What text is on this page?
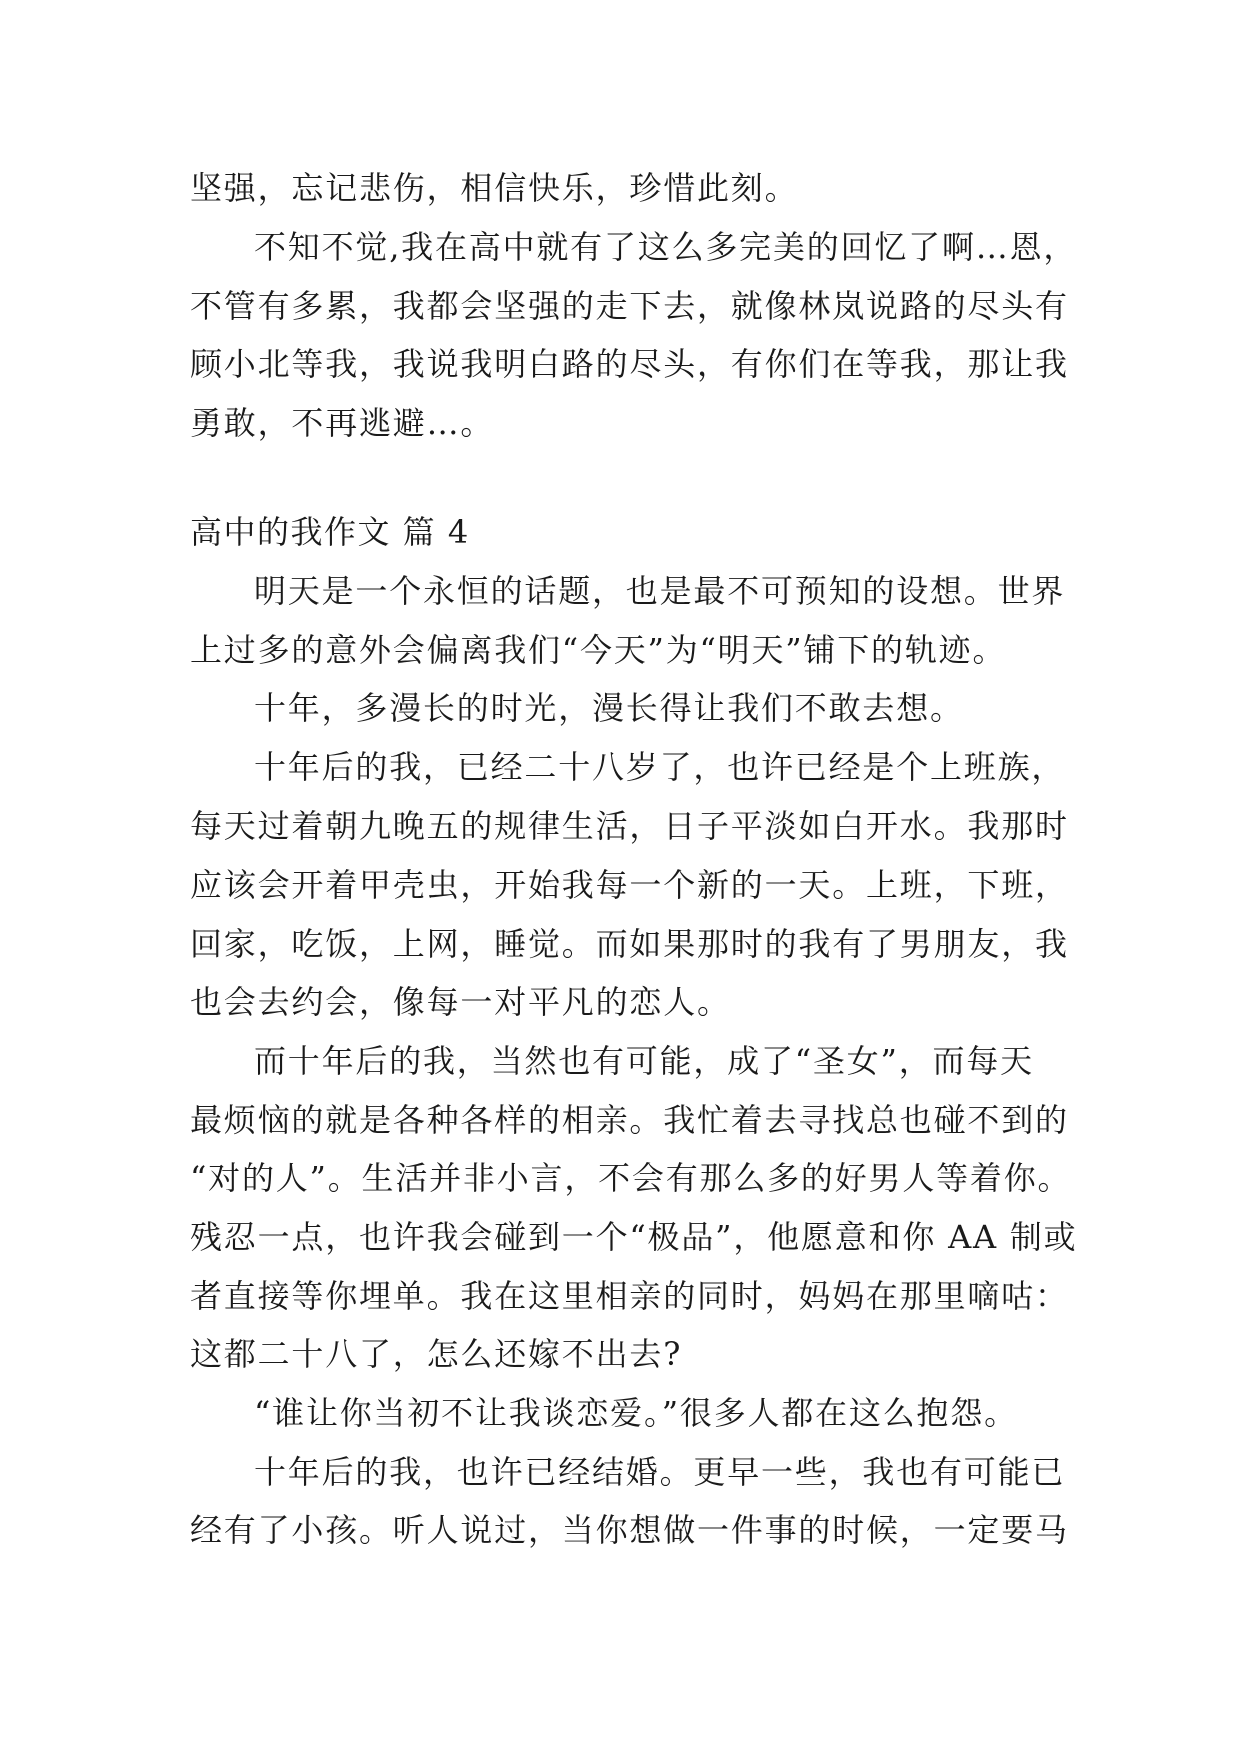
坚强，忘记悲伤，相信快乐，珍惜此刻。

不知不觉,我在高中就有了这么多完美的回忆了啊…恩，

不管有多累，我都会坚强的走下去，就像林岚说路的尽头有

顾小北等我，我说我明白路的尽头，有你们在等我，那让我

勇敢，不再逃避…。

高中的我作文 篇 4

明天是一个永恒的话题，也是最不可预知的设想。世界

上过多的意外会偏离我们“今天”为“明天”铺下的轨迹。

十年，多漫长的时光，漫长得让我们不敢去想。

十年后的我，已经二十八岁了，也许已经是个上班族，

每天过着朝九晚五的规律生活，日子平淡如白开水。我那时

应该会开着甲壳虫，开始我每一个新的一天。上班，下班，

回家，吃饭，上网，睡觉。而如果那时的我有了男朋友，我

也会去约会，像每一对平凡的恋人。

而十年后的我，当然也有可能，成了“圣女”，而每天

最烦恼的就是各种各样的相亲。我忙着去寻找总也碰不到的

“对的人”。生活并非小言，不会有那么多的好男人等着你。

残忍一点，也许我会碰到一个“极品”，他愿意和你 AA 制或

者直接等你埋单。我在这里相亲的同时，妈妈在那里嘀咕：

这都二十八了，怎么还嫁不出去?

“谁让你当初不让我谈恋爱。”很多人都在这么抱怨。

十年后的我，也许已经结婚。更早一些，我也有可能已

经有了小孩。听人说过，当你想做一件事的时候，一定要马
